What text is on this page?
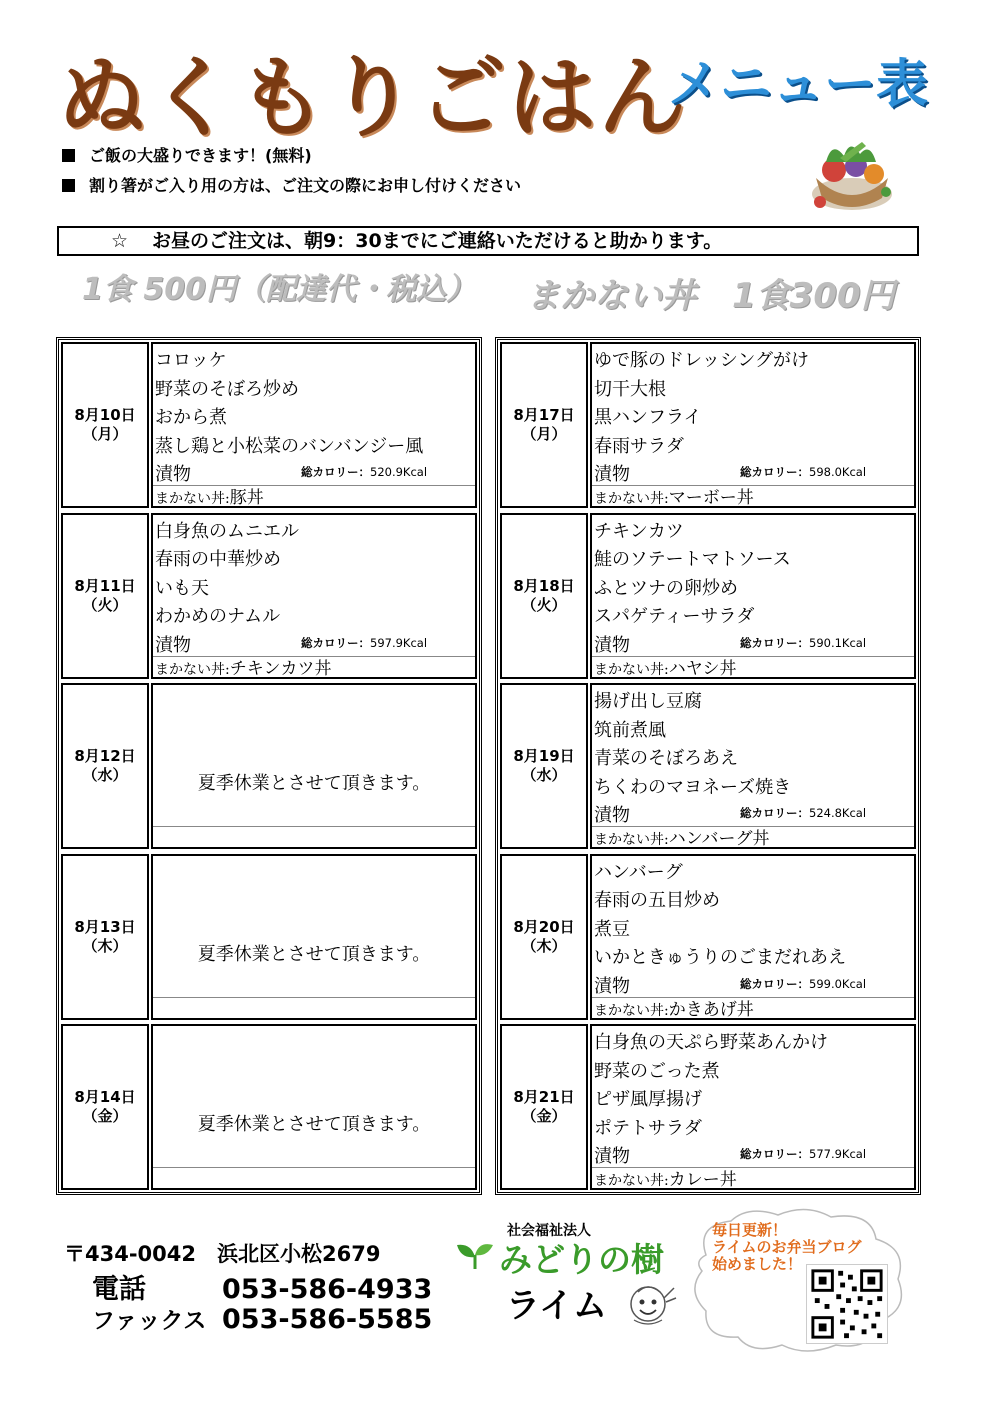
ぬくもりごはん
メニュー表
ご飯の大盛りできます！(無料)
割り箸がご入り用の方は、ご注文の際にお申し付けください
☆ お昼のご注文は、朝9：30までにご連絡いただけると助かります。
1食 500円（配達代・税込） まかない丼 1食300円
8月10日
（月）
コロッケ
野菜のそぼろ炒め
おから煮
蒸し鶏と小松菜のバンバンジー風
漬物	総カロリー：520.9Kcal
まかない丼:豚丼
8月11日
（火）
白身魚のムニエル
春雨の中華炒め
いも天
わかめのナムル
漬物	総カロリー：597.9Kcal
まかない丼:チキンカツ丼
8月12日
（水）	夏季休業とさせて頂きます。
8月13日
（木）	夏季休業とさせて頂きます。
8月14日
（金）	夏季休業とさせて頂きます。
8月17日
（月）
ゆで豚のドレッシングがけ
切干大根
黒ハンフライ
春雨サラダ
漬物	総カロリー：598.0Kcal
まかない丼:マーボー丼
8月18日
（火）
チキンカツ
鮭のソテートマトソース
ふとツナの卵炒め
スパゲティーサラダ
漬物	総カロリー：590.1Kcal
まかない丼:ハヤシ丼
8月19日
（水）
揚げ出し豆腐
筑前煮風
青菜のそぼろあえ
ちくわのマヨネーズ焼き
漬物	総カロリー：524.8Kcal
まかない丼:ハンバーグ丼
8月20日
（木）
ハンバーグ
春雨の五目炒め
煮豆
いかときゅうりのごまだれあえ
漬物	総カロリー：599.0Kcal
まかない丼:かきあげ丼
8月21日
（金）
白身魚の天ぷら野菜あんかけ
野菜のごった煮
ピザ風厚揚げ
ポテトサラダ
漬物	総カロリー：577.9Kcal
まかない丼:カレー丼
〒434-0042　浜北区小松2679
電話	053-586-4933
ファックス 053-586-5585
社会福祉法人
みどりの樹
ライム
毎日更新！
ライムのお弁当ブログ
始めました！
